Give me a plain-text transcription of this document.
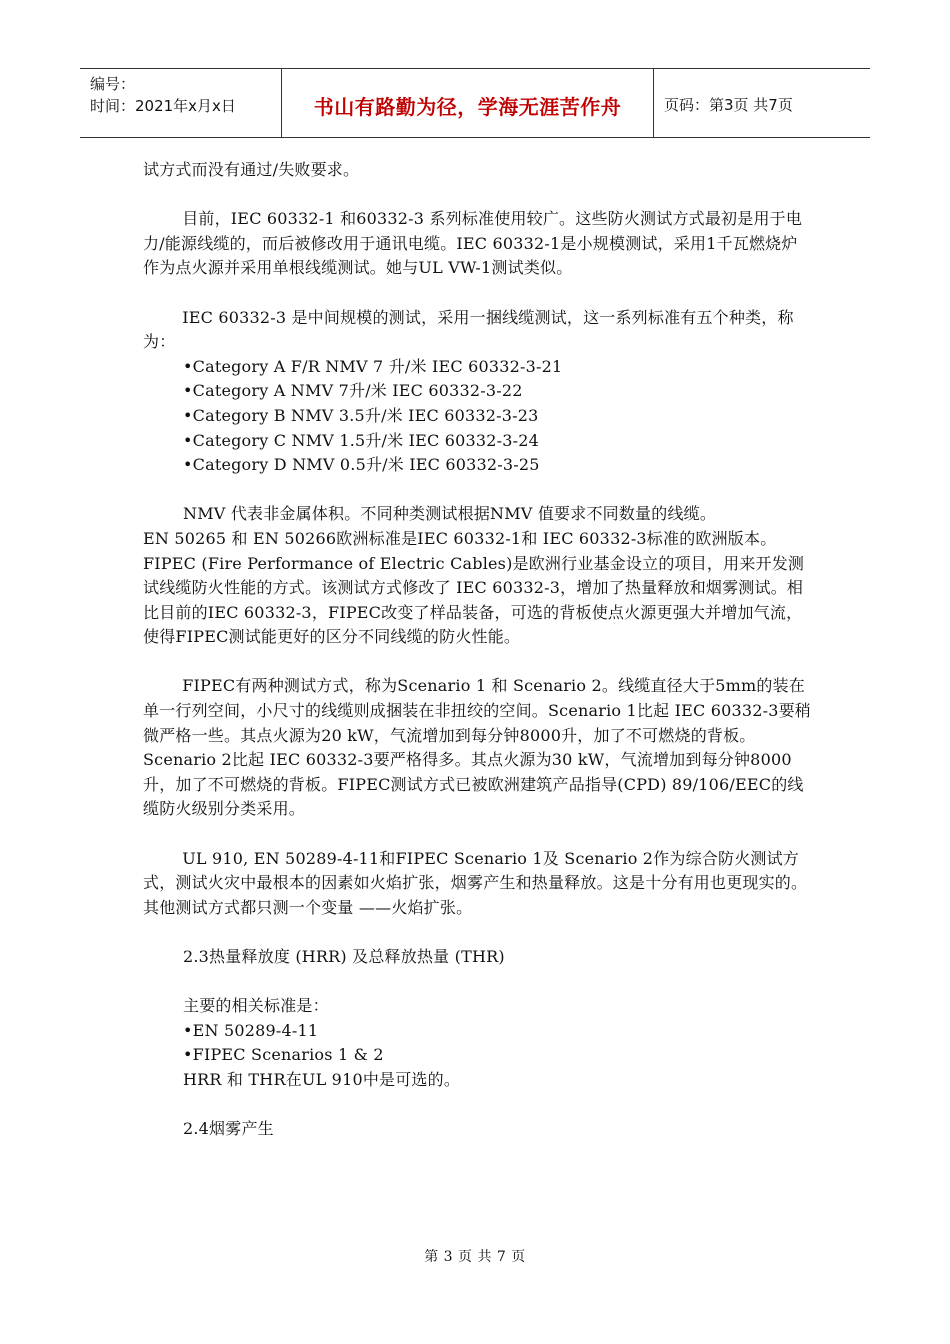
编号：
时间：2021年x月x日	书山有路勤为径，学海无涯苦作舟	页码：第3页 共7页

试方式而没有通过/失败要求。

目前，IEC 60332-1 和60332-3 系列标准使用较广。这些防火测试方式最初是用于电力/能源线缆的，而后被修改用于通讯电缆。IEC 60332-1是小规模测试，采用1千瓦燃烧炉作为点火源并采用单根线缆测试。她与UL VW-1测试类似。

IEC 60332-3 是中间规模的测试，采用一捆线缆测试，这一系列标准有五个种类，称为：

•Category A F/R NMV 7 升/米 IEC 60332-3-21

•Category A NMV 7升/米 IEC 60332-3-22

•Category B NMV 3.5升/米 IEC 60332-3-23

•Category C NMV 1.5升/米 IEC 60332-3-24

•Category D NMV 0.5升/米 IEC 60332-3-25

NMV 代表非金属体积。不同种类测试根据NMV 值要求不同数量的线缆。

EN 50265 和 EN 50266欧洲标准是IEC 60332-1和 IEC 60332-3标准的欧洲版本。

FIPEC (Fire Performance of Electric Cables)是欧洲行业基金设立的项目，用来开发测试线缆防火性能的方式。该测试方式修改了 IEC 60332-3，增加了热量释放和烟雾测试。相比目前的IEC 60332-3，FIPEC改变了样品装备，可选的背板使点火源更强大并增加气流，使得FIPEC测试能更好的区分不同线缆的防火性能。

FIPEC有两种测试方式，称为Scenario 1 和 Scenario 2。线缆直径大于5mm的装在单一行列空间，小尺寸的线缆则成捆装在非扭绞的空间。Scenario 1比起 IEC 60332-3要稍微严格一些。其点火源为20 kW，气流增加到每分钟8000升，加了不可燃烧的背板。Scenario 2比起 IEC 60332-3要严格得多。其点火源为30 kW，气流增加到每分钟8000升，加了不可燃烧的背板。FIPEC测试方式已被欧洲建筑产品指导(CPD) 89/106/EEC的线缆防火级别分类采用。

UL 910, EN 50289-4-11和FIPEC Scenario 1及 Scenario 2作为综合防火测试方式，测试火灾中最根本的因素如火焰扩张，烟雾产生和热量释放。这是十分有用也更现实的。其他测试方式都只测一个变量 ——火焰扩张。

2.3热量释放度 (HRR) 及总释放热量 (THR)

主要的相关标准是：

•EN 50289-4-11

•FIPEC Scenarios 1 & 2

HRR 和 THR在UL 910中是可选的。

2.4烟雾产生

第 3 页 共 7 页
